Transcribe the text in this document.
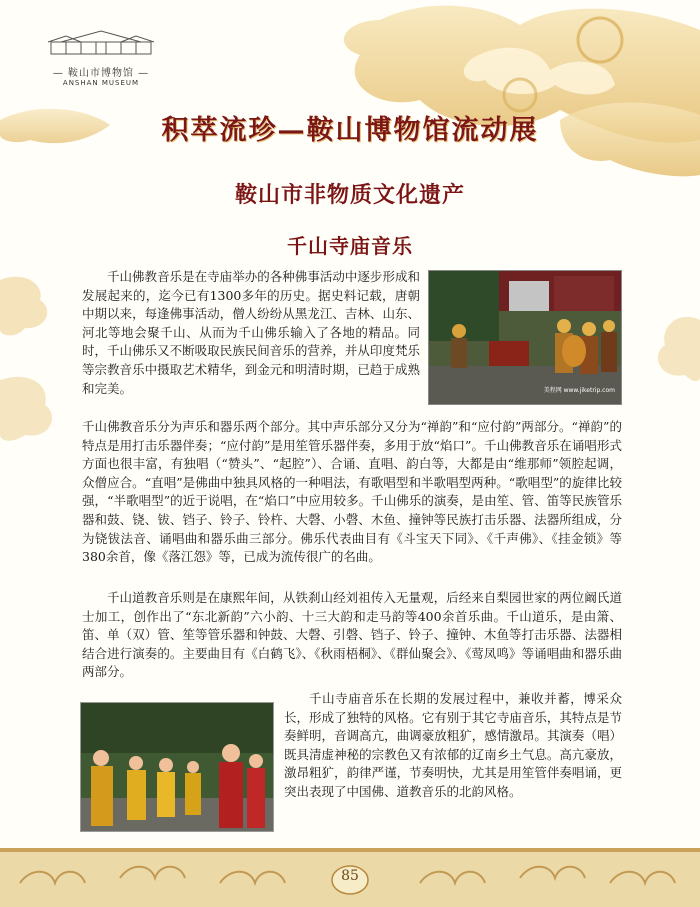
— 鞍山市博物馆 —
ANSHAN MUSEUM
积萃流珍—鞍山博物馆流动展
鞍山市非物质文化遗产
千山寺庙音乐
美程网 www.jiketrip.com
千山佛教音乐是在寺庙举办的各种佛事活动中逐步形成和发展起来的，迄今已有1300多年的历史。据史料记载，唐朝中期以来，每逢佛事活动，僧人纷纷从黑龙江、吉林、山东、河北等地会聚千山、从而为千山佛乐输入了各地的精品。同时，千山佛乐又不断吸取民族民间音乐的营养，并从印度梵乐等宗教音乐中摄取艺术精华，到金元和明清时期，已趋于成熟和完美。
千山佛教音乐分为声乐和器乐两个部分。其中声乐部分又分为“禅韵”和“应付韵”两部分。“禅韵”的特点是用打击乐器伴奏；“应付韵”是用笙管乐器伴奏，多用于放“焰口”。千山佛教音乐在诵唱形式方面也很丰富，有独唱（“赞头”、“起腔”）、合诵、直唱、韵白等，大都是由“维那师”领腔起调，众僧应合。“直唱”是佛曲中独具风格的一种唱法，有歌唱型和半歌唱型两种。“歌唱型”的旋律比较强，“半歌唱型”的近于说唱，在“焰口”中应用较多。千山佛乐的演奏，是由笙、管、笛等民族管乐器和鼓、铙、钹、铛子、铃子、铃杵、大磬、小磬、木鱼、撞钟等民族打击乐器、法器所组成，分为铙钹法音、诵唱曲和器乐曲三部分。佛乐代表曲目有《斗宝天下同》、《千声佛》、《挂金锁》等380余首，像《落江怨》等，已成为流传很广的名曲。
千山道教音乐则是在康熙年间，从铁刹山经刘祖传入无量观，后经来自梨园世家的两位阚氏道士加工，创作出了“东北新韵”六小韵、十三大韵和走马韵等400余首乐曲。千山道乐，是由箫、笛、单（双）管、笙等管乐器和钟鼓、大磬、引磬、铛子、铃子、撞钟、木鱼等打击乐器、法器相结合进行演奏的。主要曲目有《白鹤飞》、《秋雨梧桐》、《群仙聚会》、《莺凤鸣》等诵唱曲和器乐曲两部分。
千山寺庙音乐在长期的发展过程中，兼收并蓄，博采众长，形成了独特的风格。它有别于其它寺庙音乐，其特点是节奏鲜明，音调高亢，曲调豪放粗犷，感情激昂。其演奏（唱）既具清虚神秘的宗教色又有浓郁的辽南乡土气息。高亢豪放，激昂粗犷，韵律严谨，节奏明快，尤其是用笙管伴奏唱诵，更突出表现了中国佛、道教音乐的北韵风格。
85
